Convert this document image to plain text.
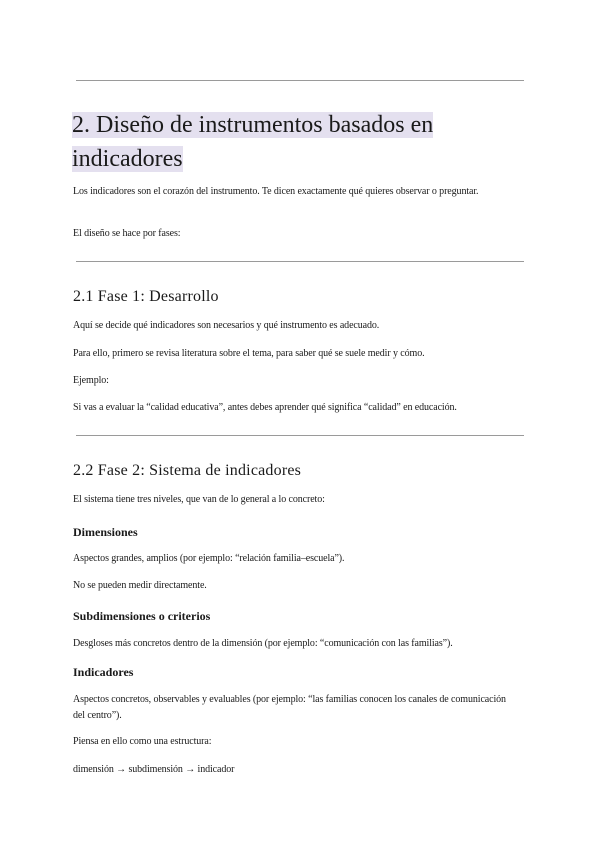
2. Diseño de instrumentos basados en indicadores

Los indicadores son el corazón del instrumento. Te dicen exactamente qué quieres observar o preguntar.

El diseño se hace por fases:

2.1 Fase 1: Desarrollo

Aquí se decide qué indicadores son necesarios y qué instrumento es adecuado.

Para ello, primero se revisa literatura sobre el tema, para saber qué se suele medir y cómo.

Ejemplo:

Si vas a evaluar la “calidad educativa”, antes debes aprender qué significa “calidad” en educación.

2.2 Fase 2: Sistema de indicadores

El sistema tiene tres niveles, que van de lo general a lo concreto:

Dimensiones

Aspectos grandes, amplios (por ejemplo: “relación familia–escuela”).

No se pueden medir directamente.

Subdimensiones o criterios

Desgloses más concretos dentro de la dimensión (por ejemplo: “comunicación con las familias”).

Indicadores

Aspectos concretos, observables y evaluables (por ejemplo: “las familias conocen los canales de comunicación del centro”).

Piensa en ello como una estructura:

dimensión → subdimensión → indicador
